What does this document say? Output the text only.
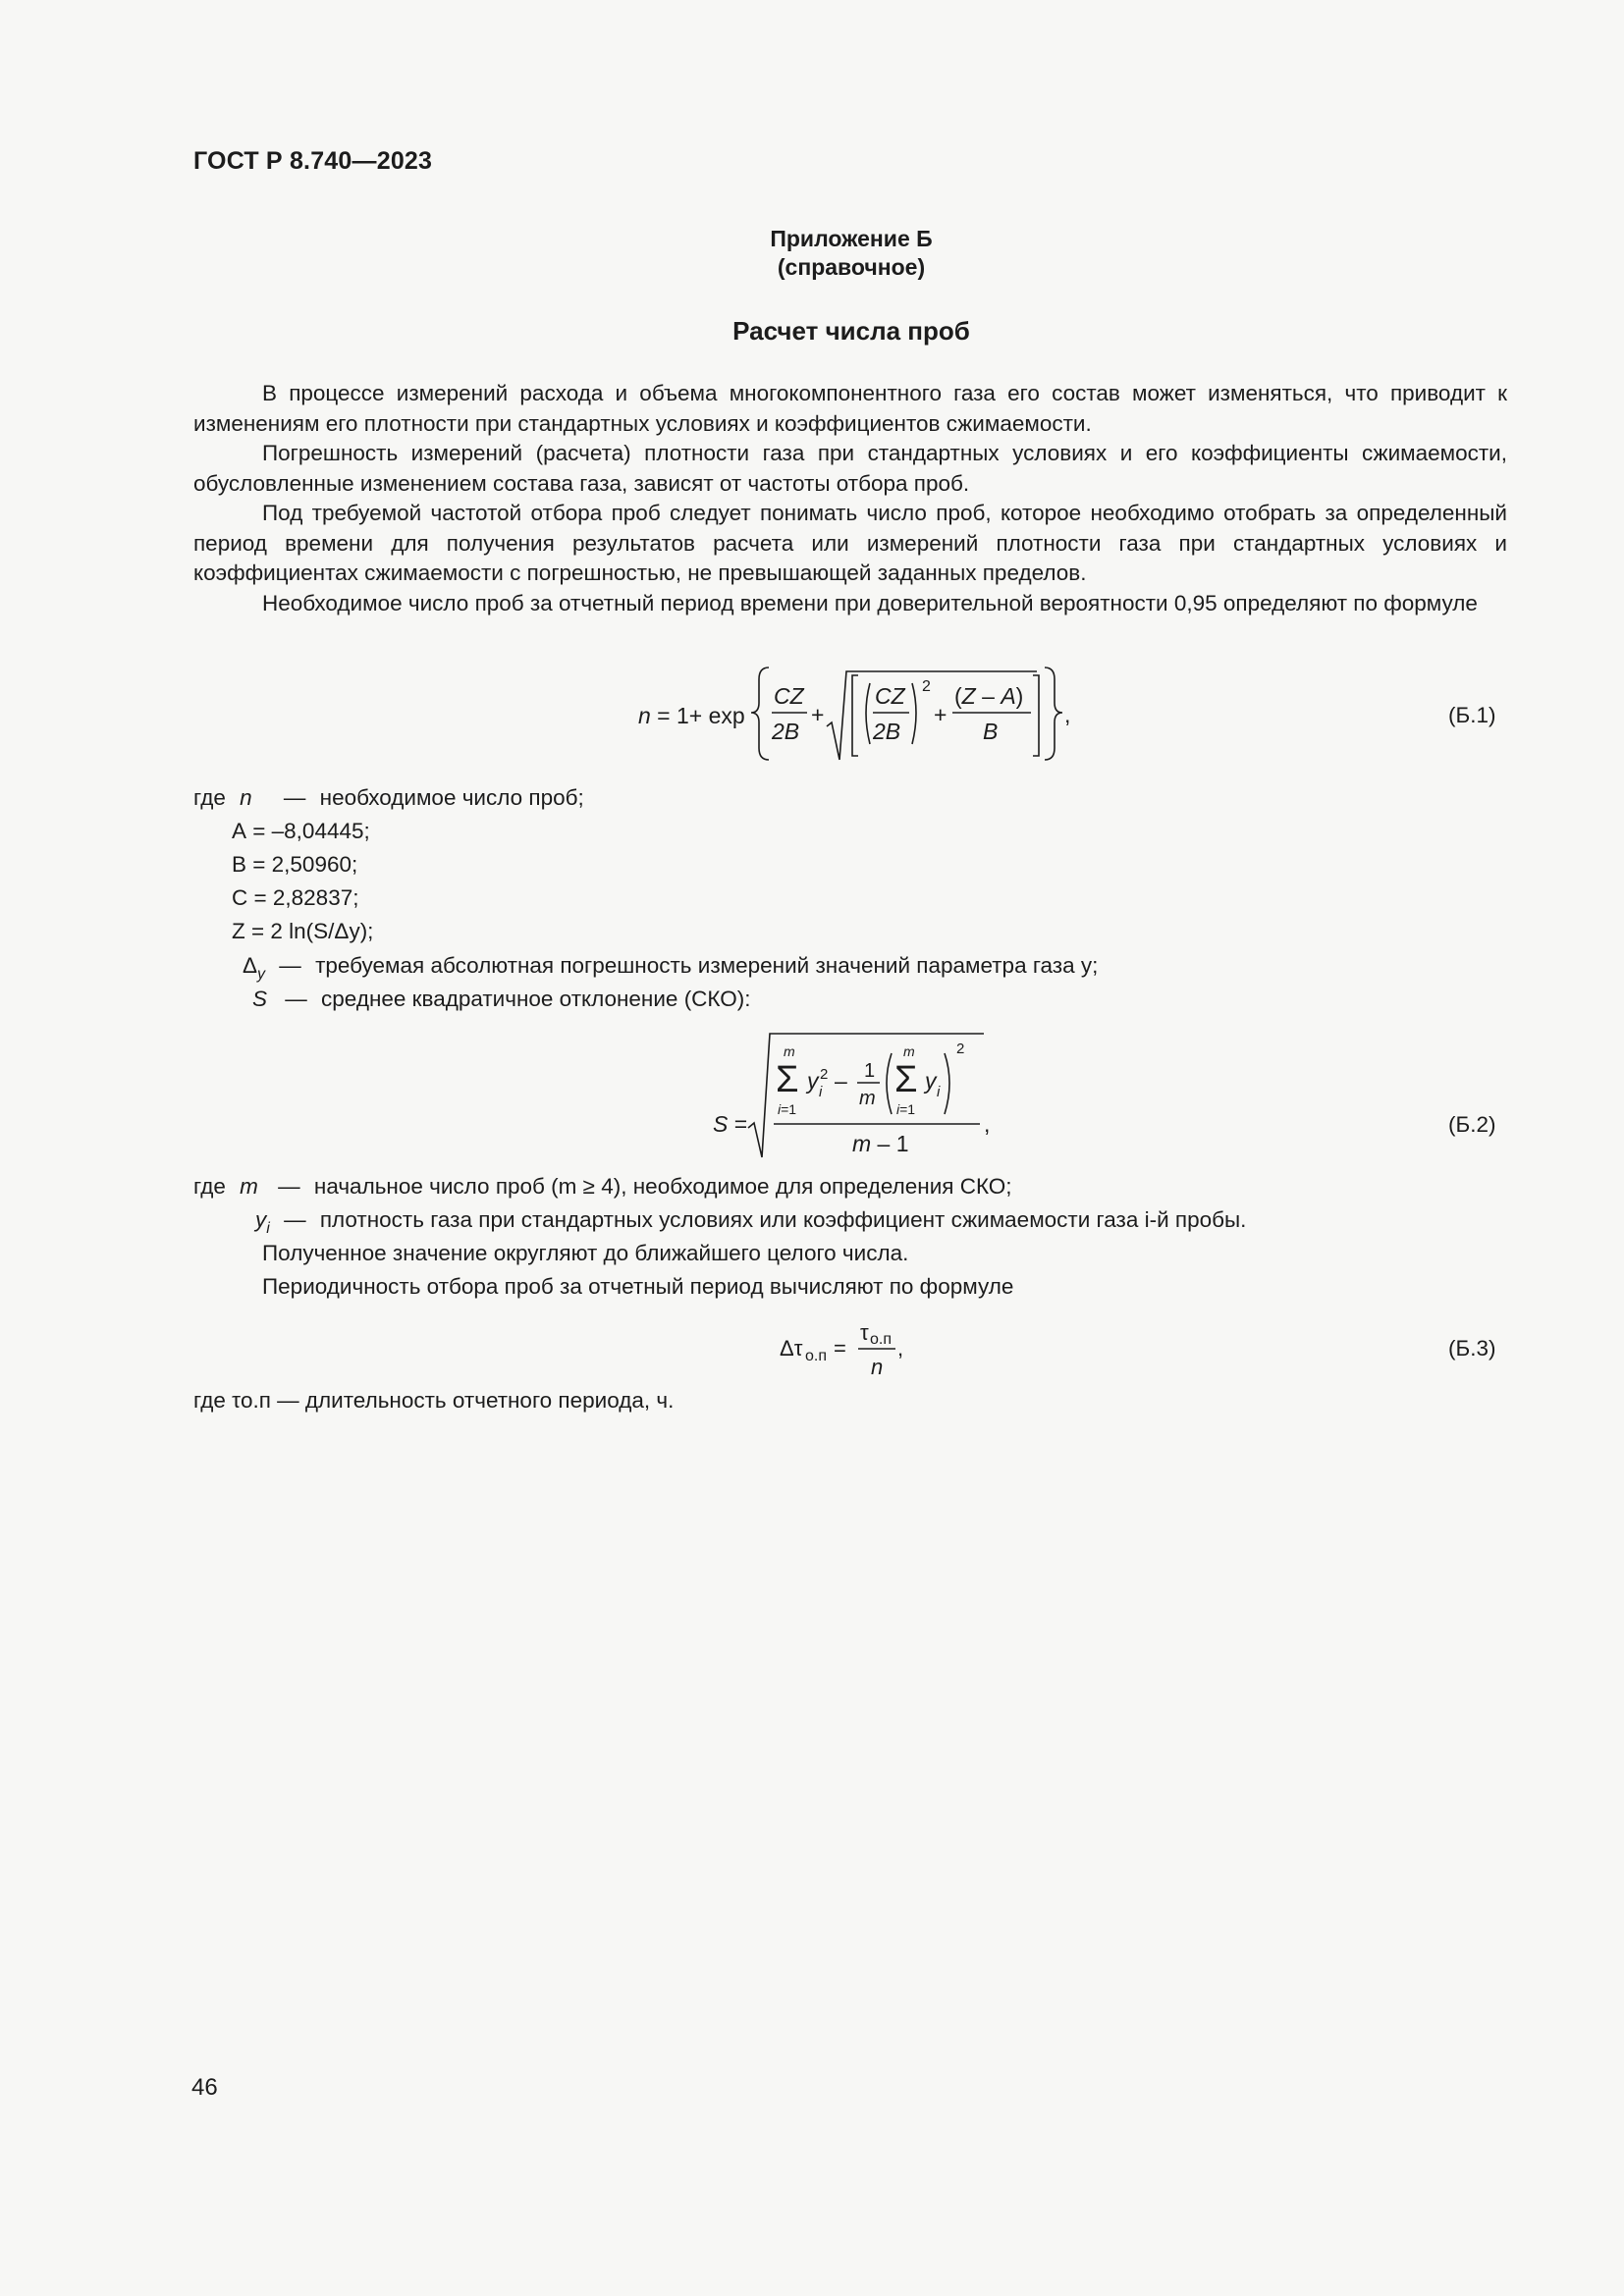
ГОСТ Р 8.740—2023
Приложение Б
(справочное)
Расчет числа проб

В процессе измерений расхода и объема многокомпонентного газа его состав может изменяться, что приводит к изменениям его плотности при стандартных условиях и коэффициентов сжимаемости.

Погрешность измерений (расчета) плотности газа при стандартных условиях и его коэффициенты сжимаемости, обусловленные изменением состава газа, зависят от частоты отбора проб.

Под требуемой частотой отбора проб следует понимать число проб, которое необходимо отобрать за определенный период времени для получения результатов расчета или измерений плотности газа при стандартных условиях и коэффициентах сжимаемости с погрешностью, не превышающей заданных пределов.

Необходимое число проб за отчетный период времени при доверительной вероятности 0,95 определяют по формуле

n = 1+ exp
CZ
2B
+
CZ
2B
2
+
(Z – A)
B
,	(Б.1)
где n — необходимое число проб;
А = –8,04445;
В = 2,50960;
С = 2,82837;
Z = 2 ln(S/Δy);
$\Delta_y$ — требуемая абсолютная погрешность измерений значений параметра газа у;
S — среднее квадратичное отклонение (СКО):
S =
m
Σ
i=1
y 2
i – 1
m
m
Σ
i=1
y i
2
m – 1
,	(Б.2)
где m — начальное число проб (m ≥ 4), необходимое для определения СКО;
$y_i$ — плотность газа при стандартных условиях или коэффициент сжимаемости газа i-й пробы.
Полученное значение округляют до ближайшего целого числа.
Периодичность отбора проб за отчетный период вычисляют по формуле
Δτ о.п =
τ о.п
n
,	(Б.3)
где τо.п — длительность отчетного периода, ч.
46
